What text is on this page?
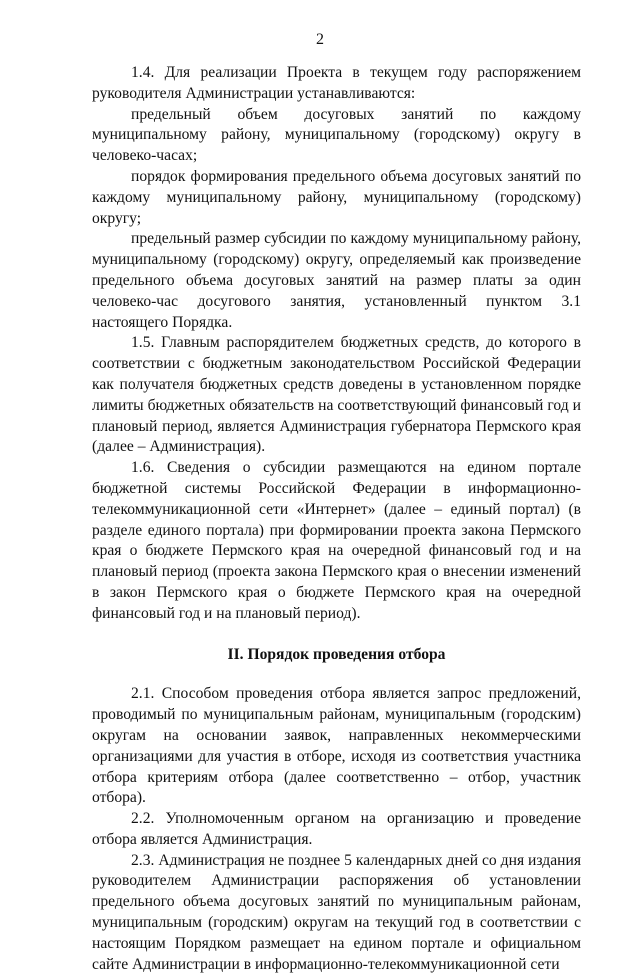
2

1.4. Для реализации Проекта в текущем году распоряжением руководителя Администрации устанавливаются:

предельный объем досуговых занятий по каждому муниципальному району, муниципальному (городскому) округу в человеко-часах;

порядок формирования предельного объема досуговых занятий по каждому муниципальному району, муниципальному (городскому) округу;

предельный размер субсидии по каждому муниципальному району, муниципальному (городскому) округу, определяемый как произведение предельного объема досуговых занятий на размер платы за один человеко-час досугового занятия, установленный пунктом 3.1 настоящего Порядка.

1.5. Главным распорядителем бюджетных средств, до которого в соответствии с бюджетным законодательством Российской Федерации как получателя бюджетных средств доведены в установленном порядке лимиты бюджетных обязательств на соответствующий финансовый год и плановый период, является Администрация губернатора Пермского края (далее – Администрация).

1.6. Сведения о субсидии размещаются на едином портале бюджетной системы Российской Федерации в информационно-телекоммуникационной сети «Интернет» (далее – единый портал) (в разделе единого портала) при формировании проекта закона Пермского края о бюджете Пермского края на очередной финансовый год и на плановый период (проекта закона Пермского края о внесении изменений в закон Пермского края о бюджете Пермского края на очередной финансовый год и на плановый период).

II. Порядок проведения отбора

2.1. Способом проведения отбора является запрос предложений, проводимый по муниципальным районам, муниципальным (городским) округам на основании заявок, направленных некоммерческими организациями для участия в отборе, исходя из соответствия участника отбора критериям отбора (далее соответственно – отбор, участник отбора).

2.2. Уполномоченным органом на организацию и проведение отбора является Администрация.

2.3. Администрация не позднее 5 календарных дней со дня издания руководителем Администрации распоряжения об установлении предельного объема досуговых занятий по муниципальным районам, муниципальным (городским) округам на текущий год в соответствии с настоящим Порядком размещает на едином портале и официальном сайте Администрации в информационно-телекоммуникационной сети
